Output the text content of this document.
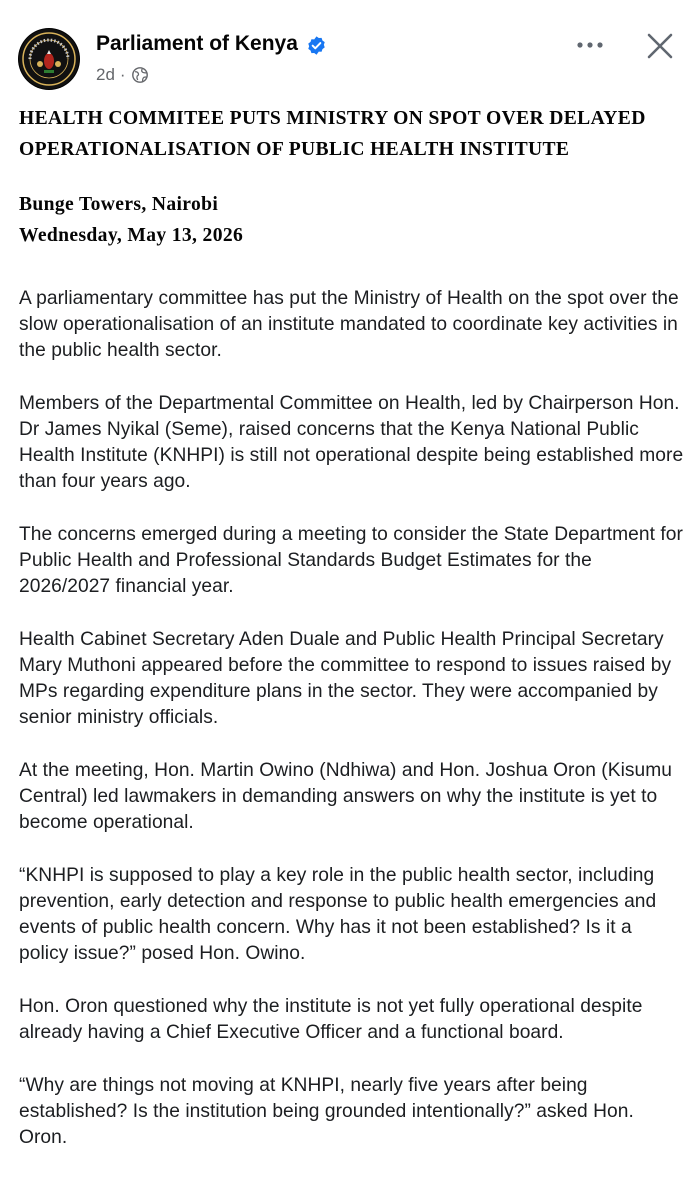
Parliament of Kenya
2d ·
HEALTH COMMITEE PUTS MINISTRY ON SPOT OVER DELAYED OPERATIONALISATION OF PUBLIC HEALTH INSTITUTE
Bunge Towers, Nairobi
Wednesday, May 13, 2026

A parliamentary committee has put the Ministry of Health on the spot over the slow operationalisation of an institute mandated to coordinate key activities in the public health sector.

Members of the Departmental Committee on Health, led by Chairperson Hon. Dr James Nyikal (Seme), raised concerns that the Kenya National Public Health Institute (KNHPI) is still not operational despite being established more than four years ago.

The concerns emerged during a meeting to consider the State Department for Public Health and Professional Standards Budget Estimates for the 2026/2027 financial year.

Health Cabinet Secretary Aden Duale and Public Health Principal Secretary Mary Muthoni appeared before the committee to respond to issues raised by MPs regarding expenditure plans in the sector. They were accompanied by senior ministry officials.

At the meeting, Hon. Martin Owino (Ndhiwa) and Hon. Joshua Oron (Kisumu Central) led lawmakers in demanding answers on why the institute is yet to become operational.

“KNHPI is supposed to play a key role in the public health sector, including prevention, early detection and response to public health emergencies and events of public health concern. Why has it not been established? Is it a policy issue?” posed Hon. Owino.

Hon. Oron questioned why the institute is not yet fully operational despite already having a Chief Executive Officer and a functional board.

“Why are things not moving at KNHPI, nearly five years after being established? Is the institution being grounded intentionally?” asked Hon. Oron.
